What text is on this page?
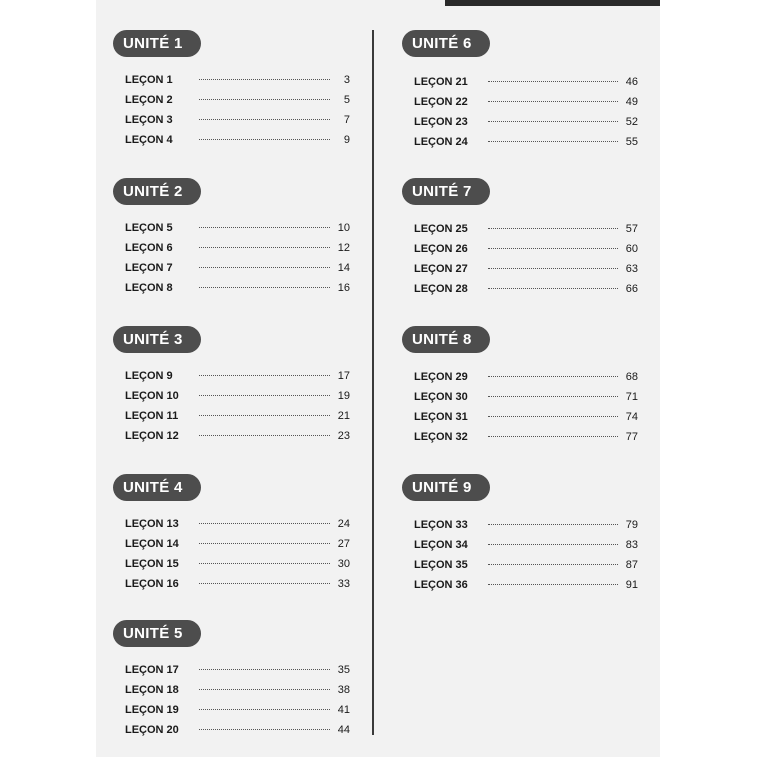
UNITÉ 1
LEÇON 1	3
LEÇON 2	5
LEÇON 3	7
LEÇON 4	9
UNITÉ 2
LEÇON 5	10
LEÇON 6	12
LEÇON 7	14
LEÇON 8	16
UNITÉ 3
LEÇON 9	17
LEÇON 10	19
LEÇON 11	21
LEÇON 12	23
UNITÉ 4
LEÇON 13	24
LEÇON 14	27
LEÇON 15	30
LEÇON 16	33
UNITÉ 5
LEÇON 17	35
LEÇON 18	38
LEÇON 19	41
LEÇON 20	44
UNITÉ 6
LEÇON 21	46
LEÇON 22	49
LEÇON 23	52
LEÇON 24	55
UNITÉ 7
LEÇON 25	57
LEÇON 26	60
LEÇON 27	63
LEÇON 28	66
UNITÉ 8
LEÇON 29	68
LEÇON 30	71
LEÇON 31	74
LEÇON 32	77
UNITÉ 9
LEÇON 33	79
LEÇON 34	83
LEÇON 35	87
LEÇON 36	91
